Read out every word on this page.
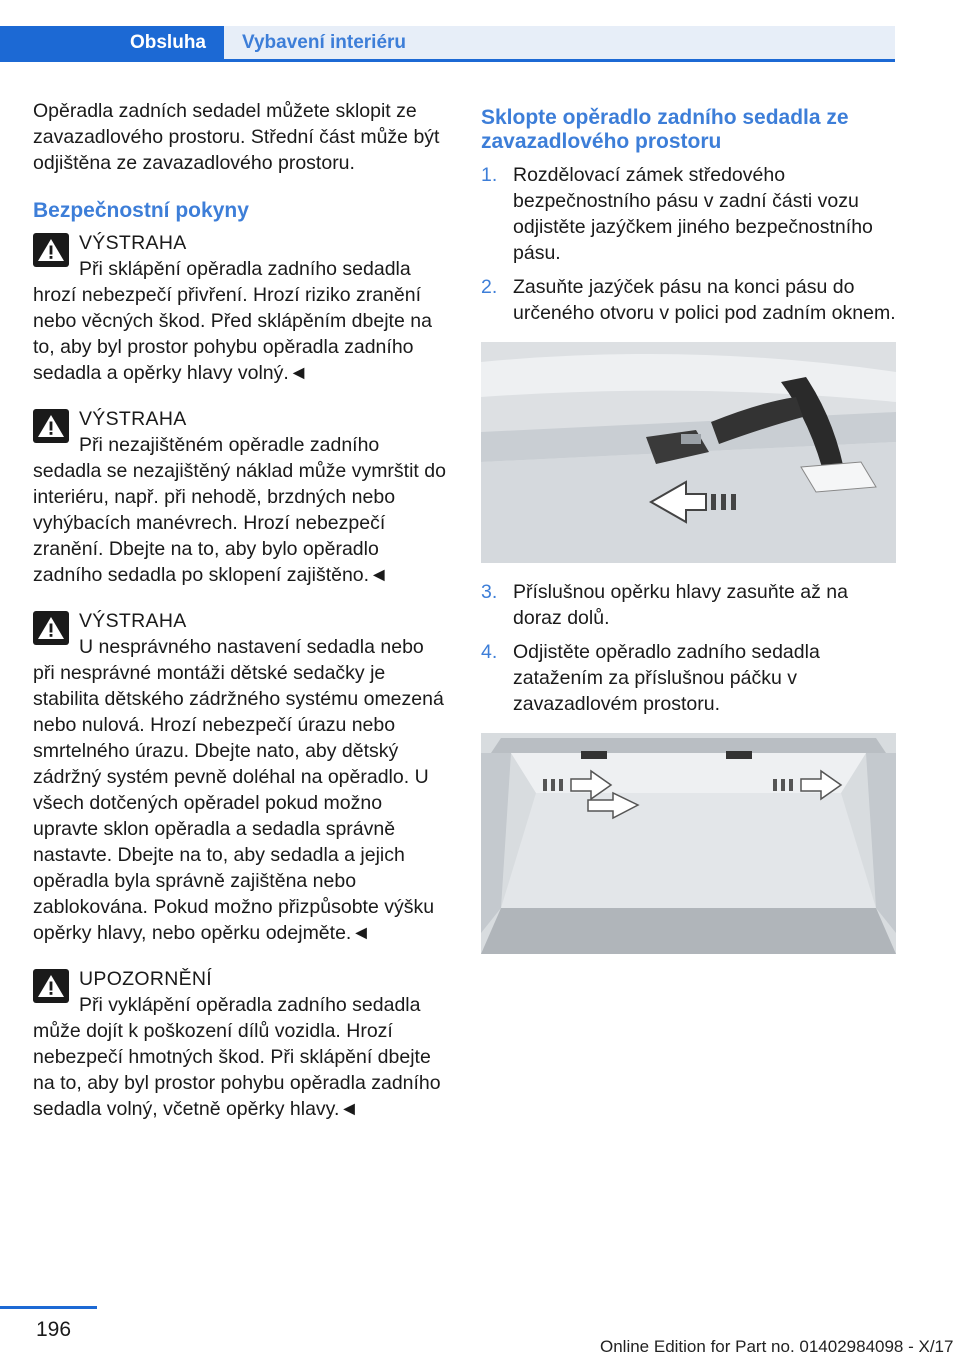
Obsluha	Vybavení interiéru

Opěradla zadních sedadel můžete sklopit ze zavazadlového prostoru. Střední část může být odjištěna ze zavazadlového prostoru.

Bezpečnostní pokyny
VÝSTRAHA
Při sklápění opěradla zadního sedadla hrozí nebezpečí přivření. Hrozí riziko zranění nebo věcných škod. Před sklápěním dbejte na to, aby byl prostor pohybu opěradla zadního sedadla a opěrky hlavy volný.◄
VÝSTRAHA
Při nezajištěném opěradle zadního sedadla se nezajištěný náklad může vymrštit do interiéru, např. při nehodě, brzdných nebo vyhýbacích manévrech. Hrozí nebezpečí zranění. Dbejte na to, aby bylo opěradlo zadního sedadla po sklopení zajištěno.◄
VÝSTRAHA
U nesprávného nastavení sedadla nebo při nesprávné montáži dětské sedačky je stabilita dětského zádržného systému omezená nebo nulová. Hrozí nebezpečí úrazu nebo smrtelného úrazu. Dbejte nato, aby dětský zádržný systém pevně doléhal na opěradlo. U všech dotčených opěradel pokud možno upravte sklon opěradla a sedadla správně nastavte. Dbejte na to, aby sedadla a jejich opěradla byla správně zajištěna nebo zablokována. Pokud možno přizpůsobte výšku opěrky hlavy, nebo opěrku odejměte.◄
UPOZORNĚNÍ
Při vyklápění opěradla zadního sedadla může dojít k poškození dílů vozidla. Hrozí nebezpečí hmotných škod. Při sklápění dbejte na to, aby byl prostor pohybu opěradla zadního sedadla volný, včetně opěrky hlavy.◄
Sklopte opěradlo zadního sedadla ze zavazadlového prostoru
1. Rozdělovací zámek středového bezpečnostního pásu v zadní části vozu odjistěte jazýčkem jiného bezpečnostního pásu.
2. Zasuňte jazýček pásu na konci pásu do určeného otvoru v polici pod zadním oknem.
3. Příslušnou opěrku hlavy zasuňte až na doraz dolů.
4. Odjistěte opěradlo zadního sedadla zatažením za příslušnou páčku v zavazadlovém prostoru.
196
Online Edition for Part no. 01402984098 - X/17
